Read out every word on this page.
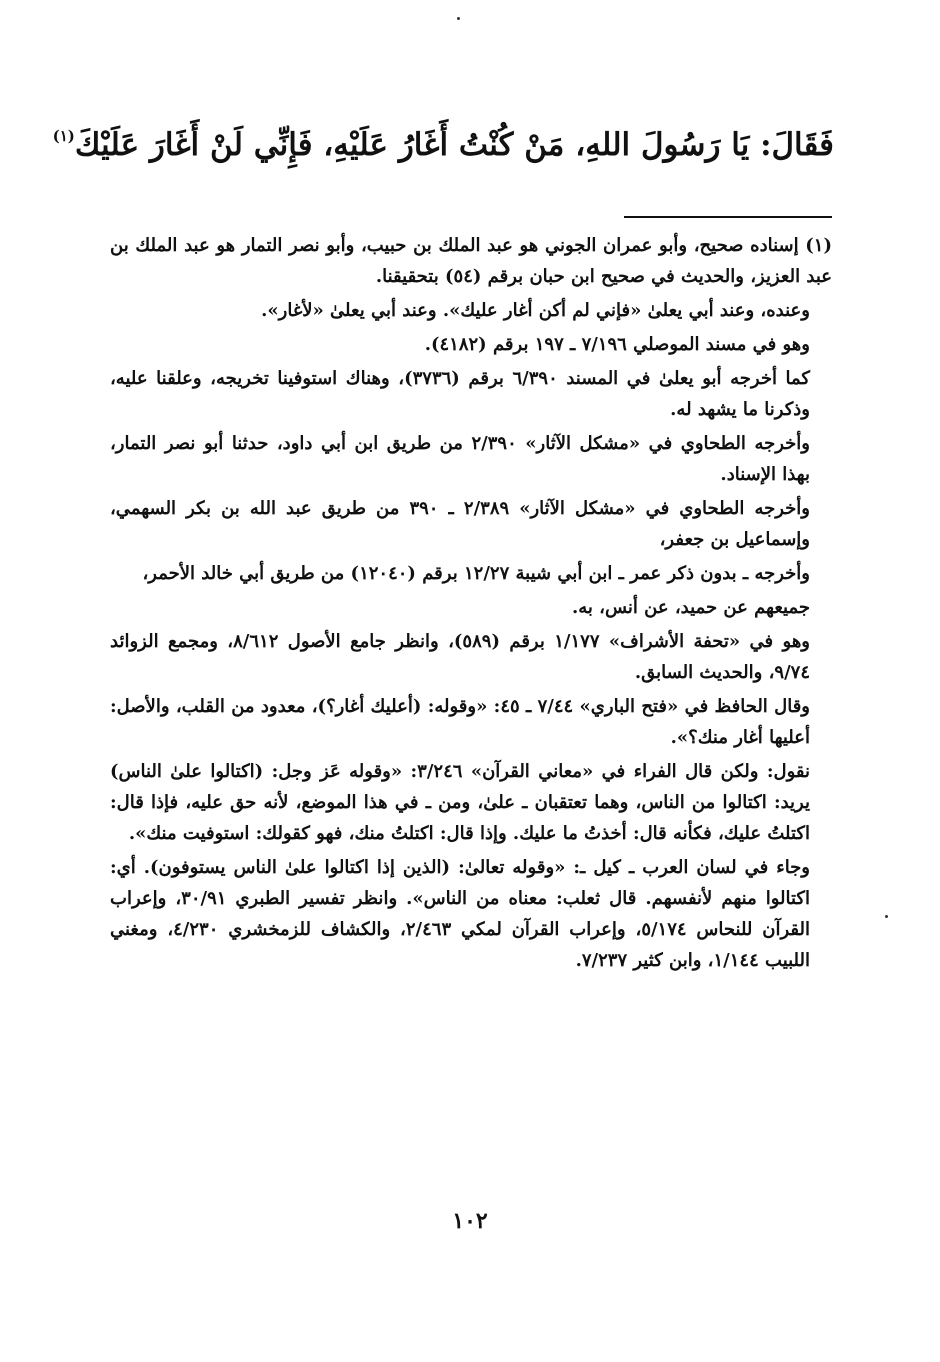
فَقَالَ: يَا رَسُولَ اللهِ، مَنْ كُنْتُ أَغَارُ عَلَيْهِ، فَإِنِّي لَنْ أَغَارَ عَلَيْكَ$^{(١)}$

(١) إسناده صحيح، وأبو عمران الجوني هو عبد الملك بن حبيب، وأبو نصر التمار هو عبد الملك بن عبد العزيز، والحديث في صحيح ابن حبان برقم (٥٤) بتحقيقنا.

وعنده، وعند أبي يعلىٰ «فإني لم أكن أغار عليك». وعند أبي يعلىٰ «لأغار».

وهو في مسند الموصلي ٧/١٩٦ ـ ١٩٧ برقم (٤١٨٢).

كما أخرجه أبو يعلىٰ في المسند ٦/٣٩٠ برقم (٣٧٣٦)، وهناك استوفينا تخريجه، وعلقنا عليه، وذكرنا ما يشهد له.

وأخرجه الطحاوي في «مشكل الآثار» ٢/٣٩٠ من طريق ابن أبي داود، حدثنا أبو نصر التمار، بهذا الإسناد.

وأخرجه الطحاوي في «مشكل الآثار» ٢/٣٨٩ ـ ٣٩٠ من طريق عبد الله بن بكر السهمي، وإسماعيل بن جعفر،

وأخرجه ـ بدون ذكر عمر ـ ابن أبي شيبة ١٢/٢٧ برقم (١٢٠٤٠) من طريق أبي خالد الأحمر،

جميعهم عن حميد، عن أنس، به.

وهو في «تحفة الأشراف» ١/١٧٧ برقم (٥٨٩)، وانظر جامع الأصول ٨/٦١٢، ومجمع الزوائد ٩/٧٤، والحديث السابق.

وقال الحافظ في «فتح الباري» ٧/٤٤ ـ ٤٥: «وقوله: (أعليك أغار؟)، معدود من القلب، والأصل: أعليها أغار منك؟».

نقول: ولكن قال الفراء في «معاني القرآن» ٣/٢٤٦: «وقوله عَز وجل: (اكتالوا علىٰ الناس) يريد: اكتالوا من الناس، وهما تعتقبان ـ علىٰ، ومن ـ في هذا الموضع، لأنه حق عليه، فإذا قال: اكتلتُ عليك، فكأنه قال: أخذتُ ما عليك. وإذا قال: اكتلتُ منك، فهو كقولك: استوفيت منك».

وجاء في لسان العرب ـ كيل ـ: «وقوله تعالىٰ: (الذين إذا اكتالوا علىٰ الناس يستوفون). أي: اكتالوا منهم لأنفسهم. قال ثعلب: معناه من الناس». وانظر تفسير الطبري ٣٠/٩١، وإعراب القرآن للنحاس ٥/١٧٤، وإعراب القرآن لمكي ٢/٤٦٣، والكشاف للزمخشري ٤/٢٣٠، ومغني اللبيب ١/١٤٤، وابن كثير ٧/٢٣٧.

١٠٢
